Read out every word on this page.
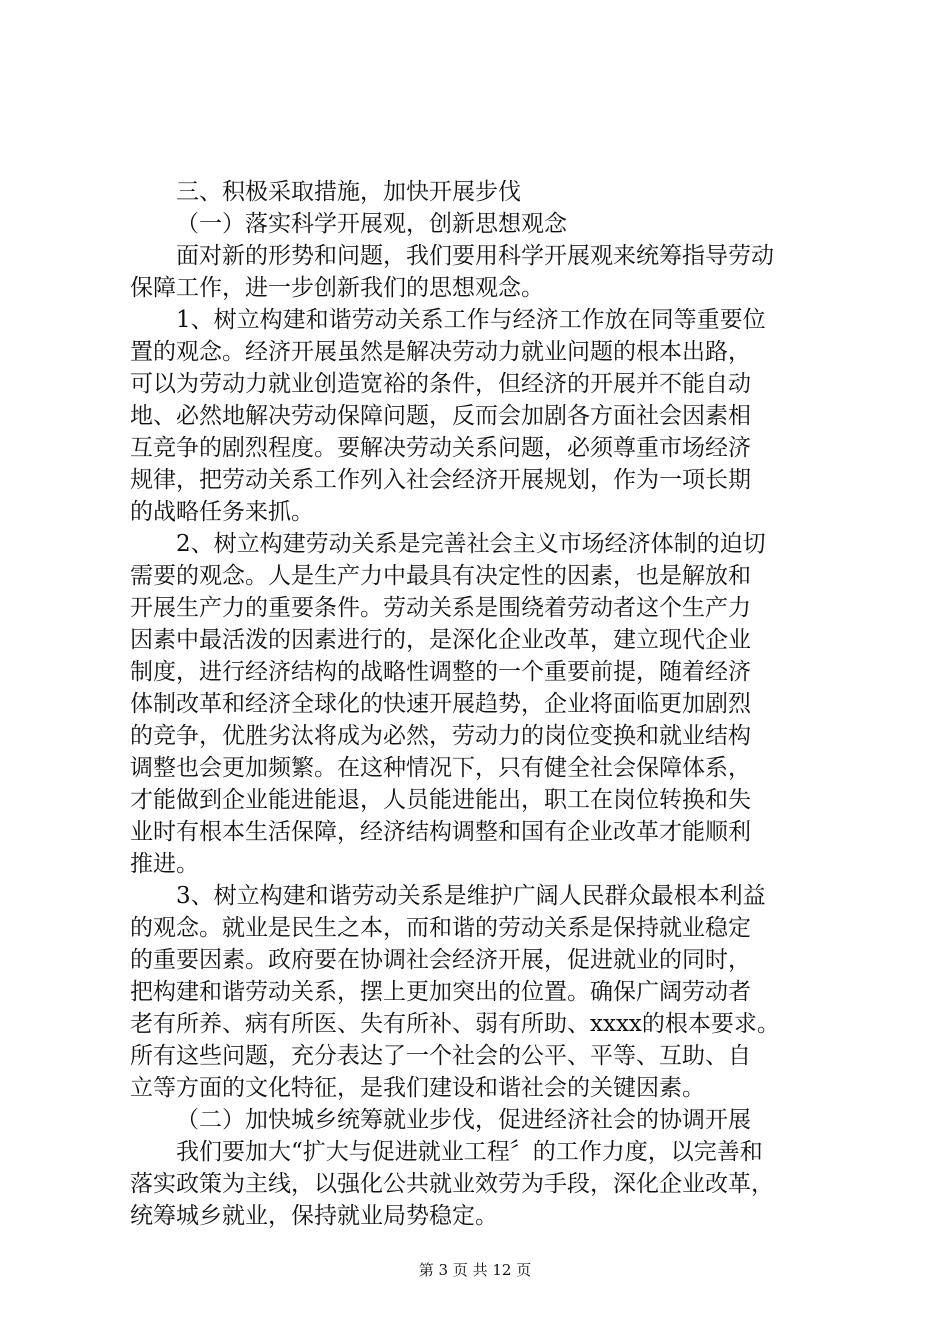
三、积极采取措施，加快开展步伐
（一）落实科学开展观，创新思想观念
面对新的形势和问题，我们要用科学开展观来统筹指导劳动
保障工作，进一步创新我们的思想观念。
1、树立构建和谐劳动关系工作与经济工作放在同等重要位
置的观念。经济开展虽然是解决劳动力就业问题的根本出路，
可以为劳动力就业创造宽裕的条件，但经济的开展并不能自动
地、必然地解决劳动保障问题，反而会加剧各方面社会因素相
互竞争的剧烈程度。要解决劳动关系问题，必须尊重市场经济
规律，把劳动关系工作列入社会经济开展规划，作为一项长期
的战略任务来抓。
2、树立构建劳动关系是完善社会主义市场经济体制的迫切
需要的观念。人是生产力中最具有决定性的因素，也是解放和
开展生产力的重要条件。劳动关系是围绕着劳动者这个生产力
因素中最活泼的因素进行的，是深化企业改革，建立现代企业
制度，进行经济结构的战略性调整的一个重要前提，随着经济
体制改革和经济全球化的快速开展趋势，企业将面临更加剧烈
的竞争，优胜劣汰将成为必然，劳动力的岗位变换和就业结构
调整也会更加频繁。在这种情况下，只有健全社会保障体系，
才能做到企业能进能退，人员能进能出，职工在岗位转换和失
业时有根本生活保障，经济结构调整和国有企业改革才能顺利
推进。
3、树立构建和谐劳动关系是维护广阔人民群众最根本利益
的观念。就业是民生之本，而和谐的劳动关系是保持就业稳定
的重要因素。政府要在协调社会经济开展，促进就业的同时，
把构建和谐劳动关系，摆上更加突出的位置。确保广阔劳动者
老有所养、病有所医、失有所补、弱有所助、xxxx的根本要求。
所有这些问题，充分表达了一个社会的公平、平等、互助、自
立等方面的文化特征，是我们建设和谐社会的关键因素。
（二）加快城乡统筹就业步伐，促进经济社会的协调开展
我们要加大“扩大与促进就业工程〞的工作力度，以完善和
落实政策为主线，以强化公共就业效劳为手段，深化企业改革，
统筹城乡就业，保持就业局势稳定。
第 3 页 共 12 页
